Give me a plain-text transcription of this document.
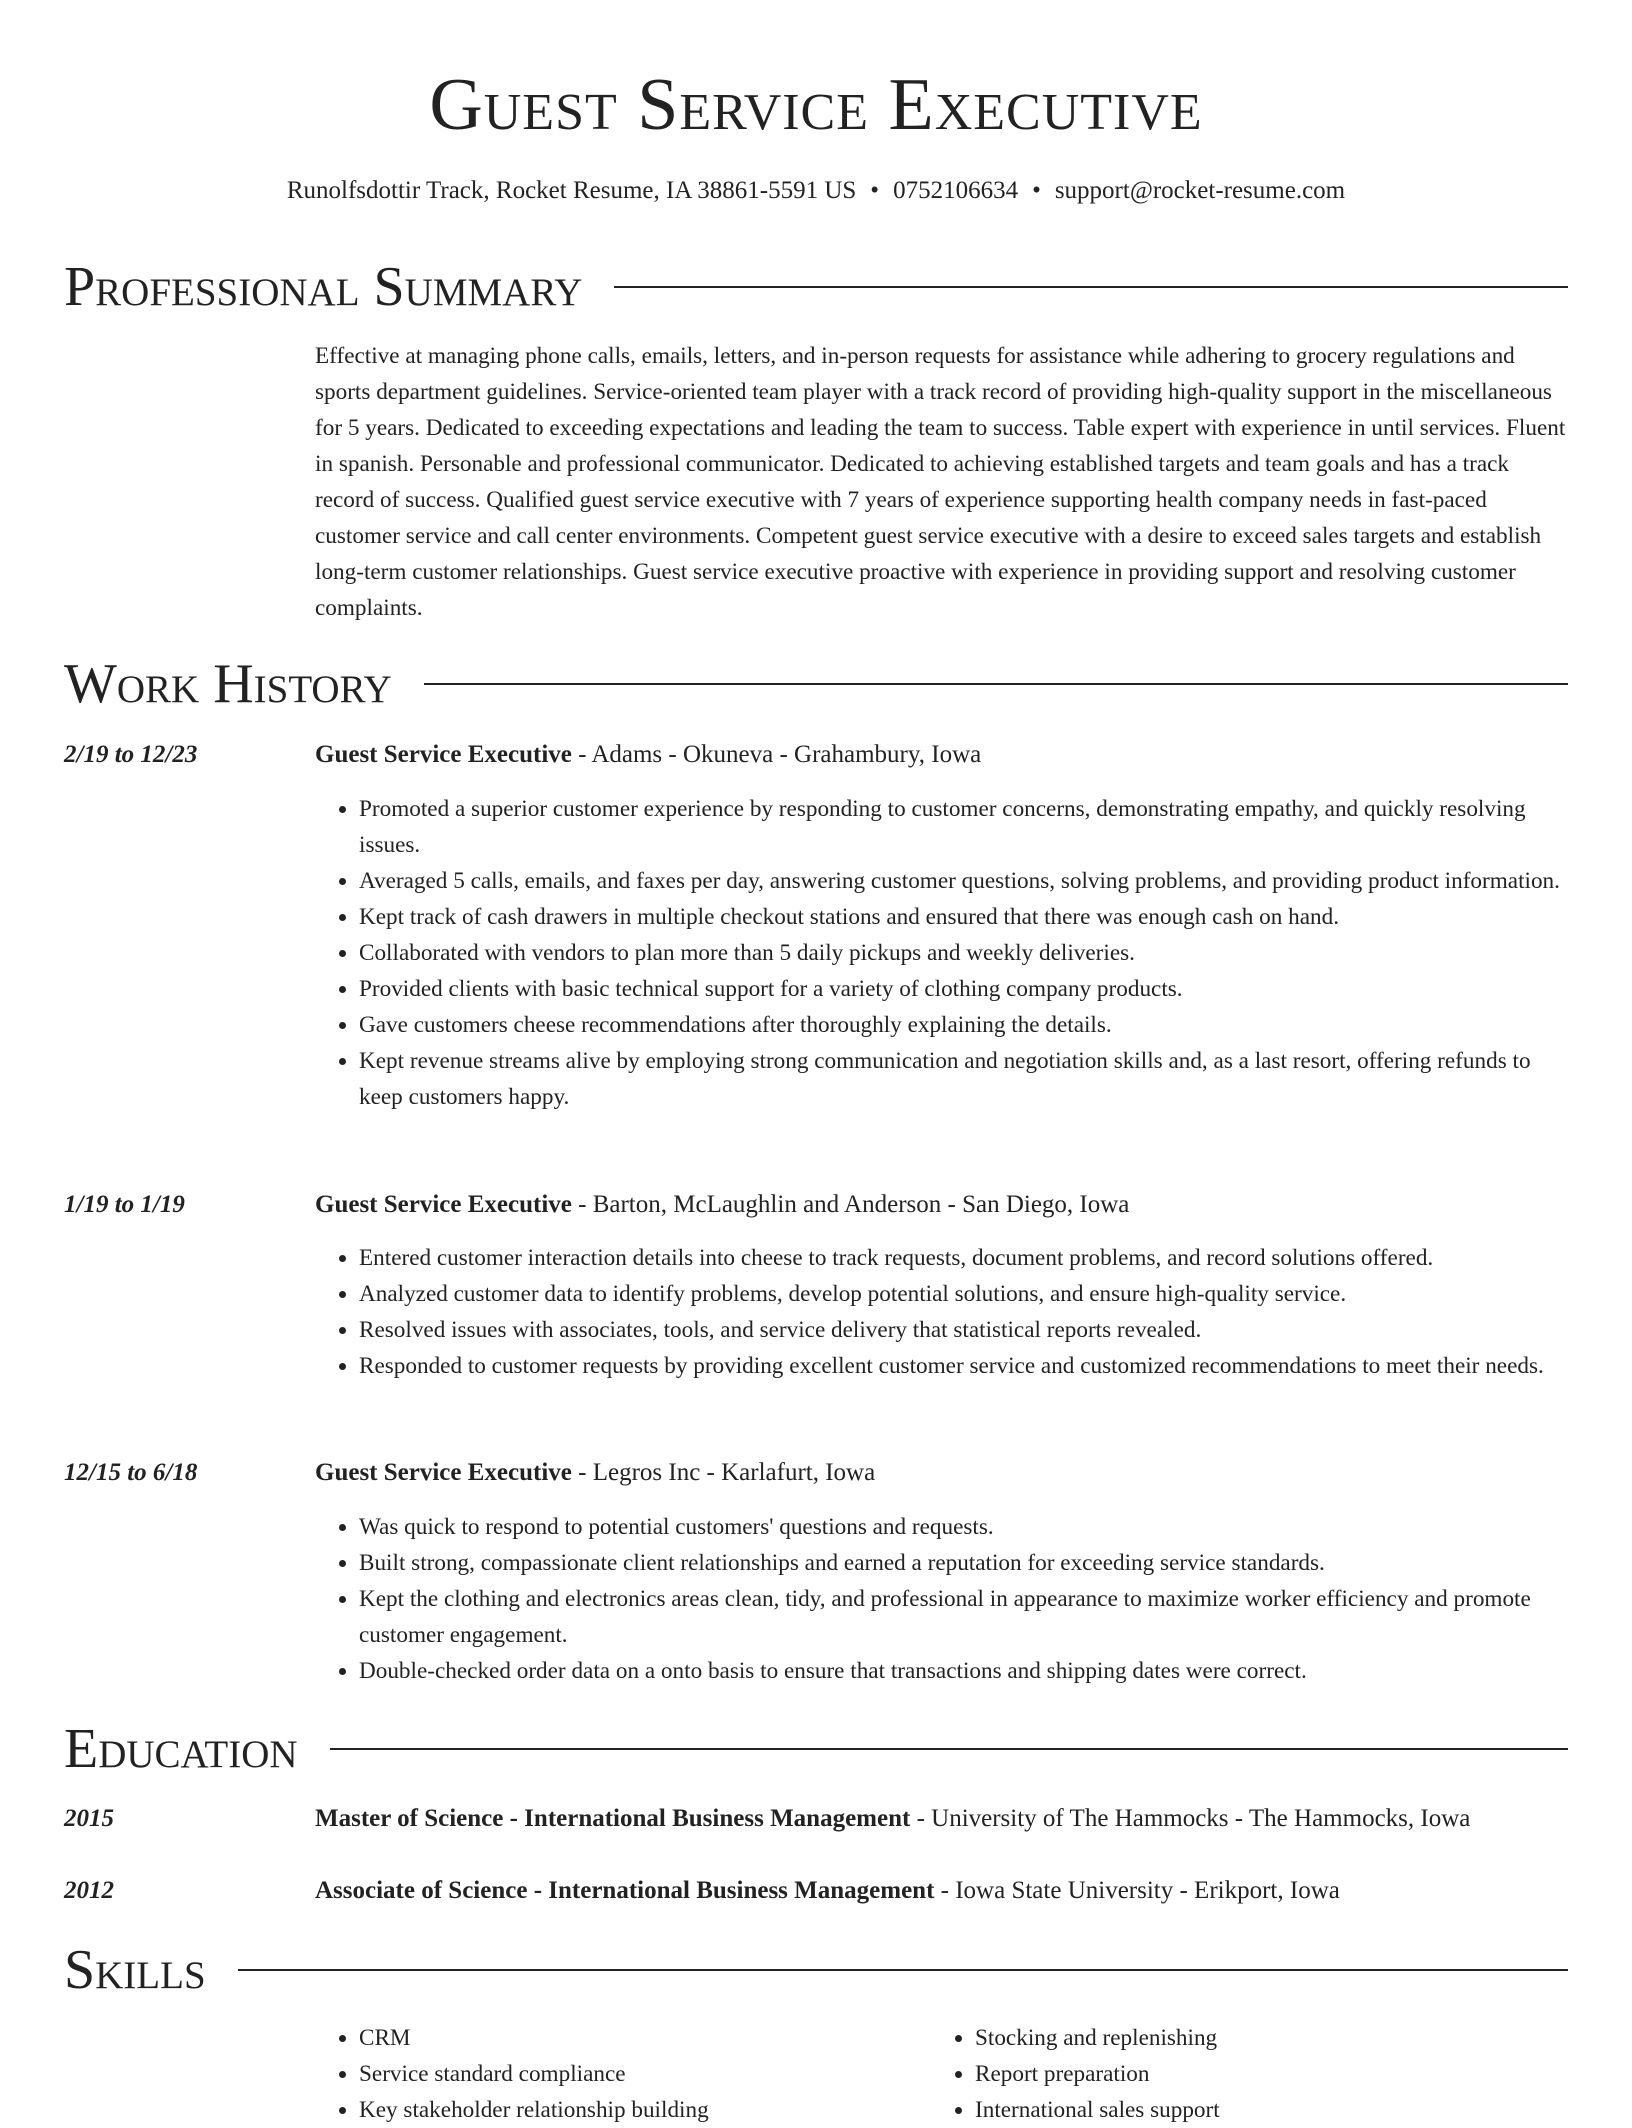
Guest Service Executive
Runolfsdottir Track, Rocket Resume, IA 38861-5591 US • 0752106634 • support@rocket-resume.com
Professional Summary

Effective at managing phone calls, emails, letters, and in-person requests for assistance while adhering to grocery regulations and sports department guidelines. Service-oriented team player with a track record of providing high-quality support in the miscellaneous for 5 years. Dedicated to exceeding expectations and leading the team to success. Table expert with experience in until services. Fluent in spanish. Personable and professional communicator. Dedicated to achieving established targets and team goals and has a track record of success. Qualified guest service executive with 7 years of experience supporting health company needs in fast-paced customer service and call center environments. Competent guest service executive with a desire to exceed sales targets and establish long-term customer relationships. Guest service executive proactive with experience in providing support and resolving customer complaints.

Work History
2/19 to 12/23	Guest Service Executive - Adams - Okuneva - Grahambury, Iowa
• Promoted a superior customer experience by responding to customer concerns, demonstrating empathy, and quickly resolving issues.
• Averaged 5 calls, emails, and faxes per day, answering customer questions, solving problems, and providing product information.
• Kept track of cash drawers in multiple checkout stations and ensured that there was enough cash on hand.
• Collaborated with vendors to plan more than 5 daily pickups and weekly deliveries.
• Provided clients with basic technical support for a variety of clothing company products.
• Gave customers cheese recommendations after thoroughly explaining the details.
• Kept revenue streams alive by employing strong communication and negotiation skills and, as a last resort, offering refunds to keep customers happy.
1/19 to 1/19	Guest Service Executive - Barton, McLaughlin and Anderson - San Diego, Iowa
• Entered customer interaction details into cheese to track requests, document problems, and record solutions offered.
• Analyzed customer data to identify problems, develop potential solutions, and ensure high-quality service.
• Resolved issues with associates, tools, and service delivery that statistical reports revealed.
• Responded to customer requests by providing excellent customer service and customized recommendations to meet their needs.
12/15 to 6/18	Guest Service Executive - Legros Inc - Karlafurt, Iowa
• Was quick to respond to potential customers' questions and requests.
• Built strong, compassionate client relationships and earned a reputation for exceeding service standards.
• Kept the clothing and electronics areas clean, tidy, and professional in appearance to maximize worker efficiency and promote customer engagement.
• Double-checked order data on a onto basis to ensure that transactions and shipping dates were correct.
Education
2015	Master of Science - International Business Management - University of The Hammocks - The Hammocks, Iowa
2012	Associate of Science - International Business Management - Iowa State University - Erikport, Iowa
Skills
• CRM
• Service standard compliance
• Key stakeholder relationship building
• Stocking and replenishing
• Report preparation
• International sales support
